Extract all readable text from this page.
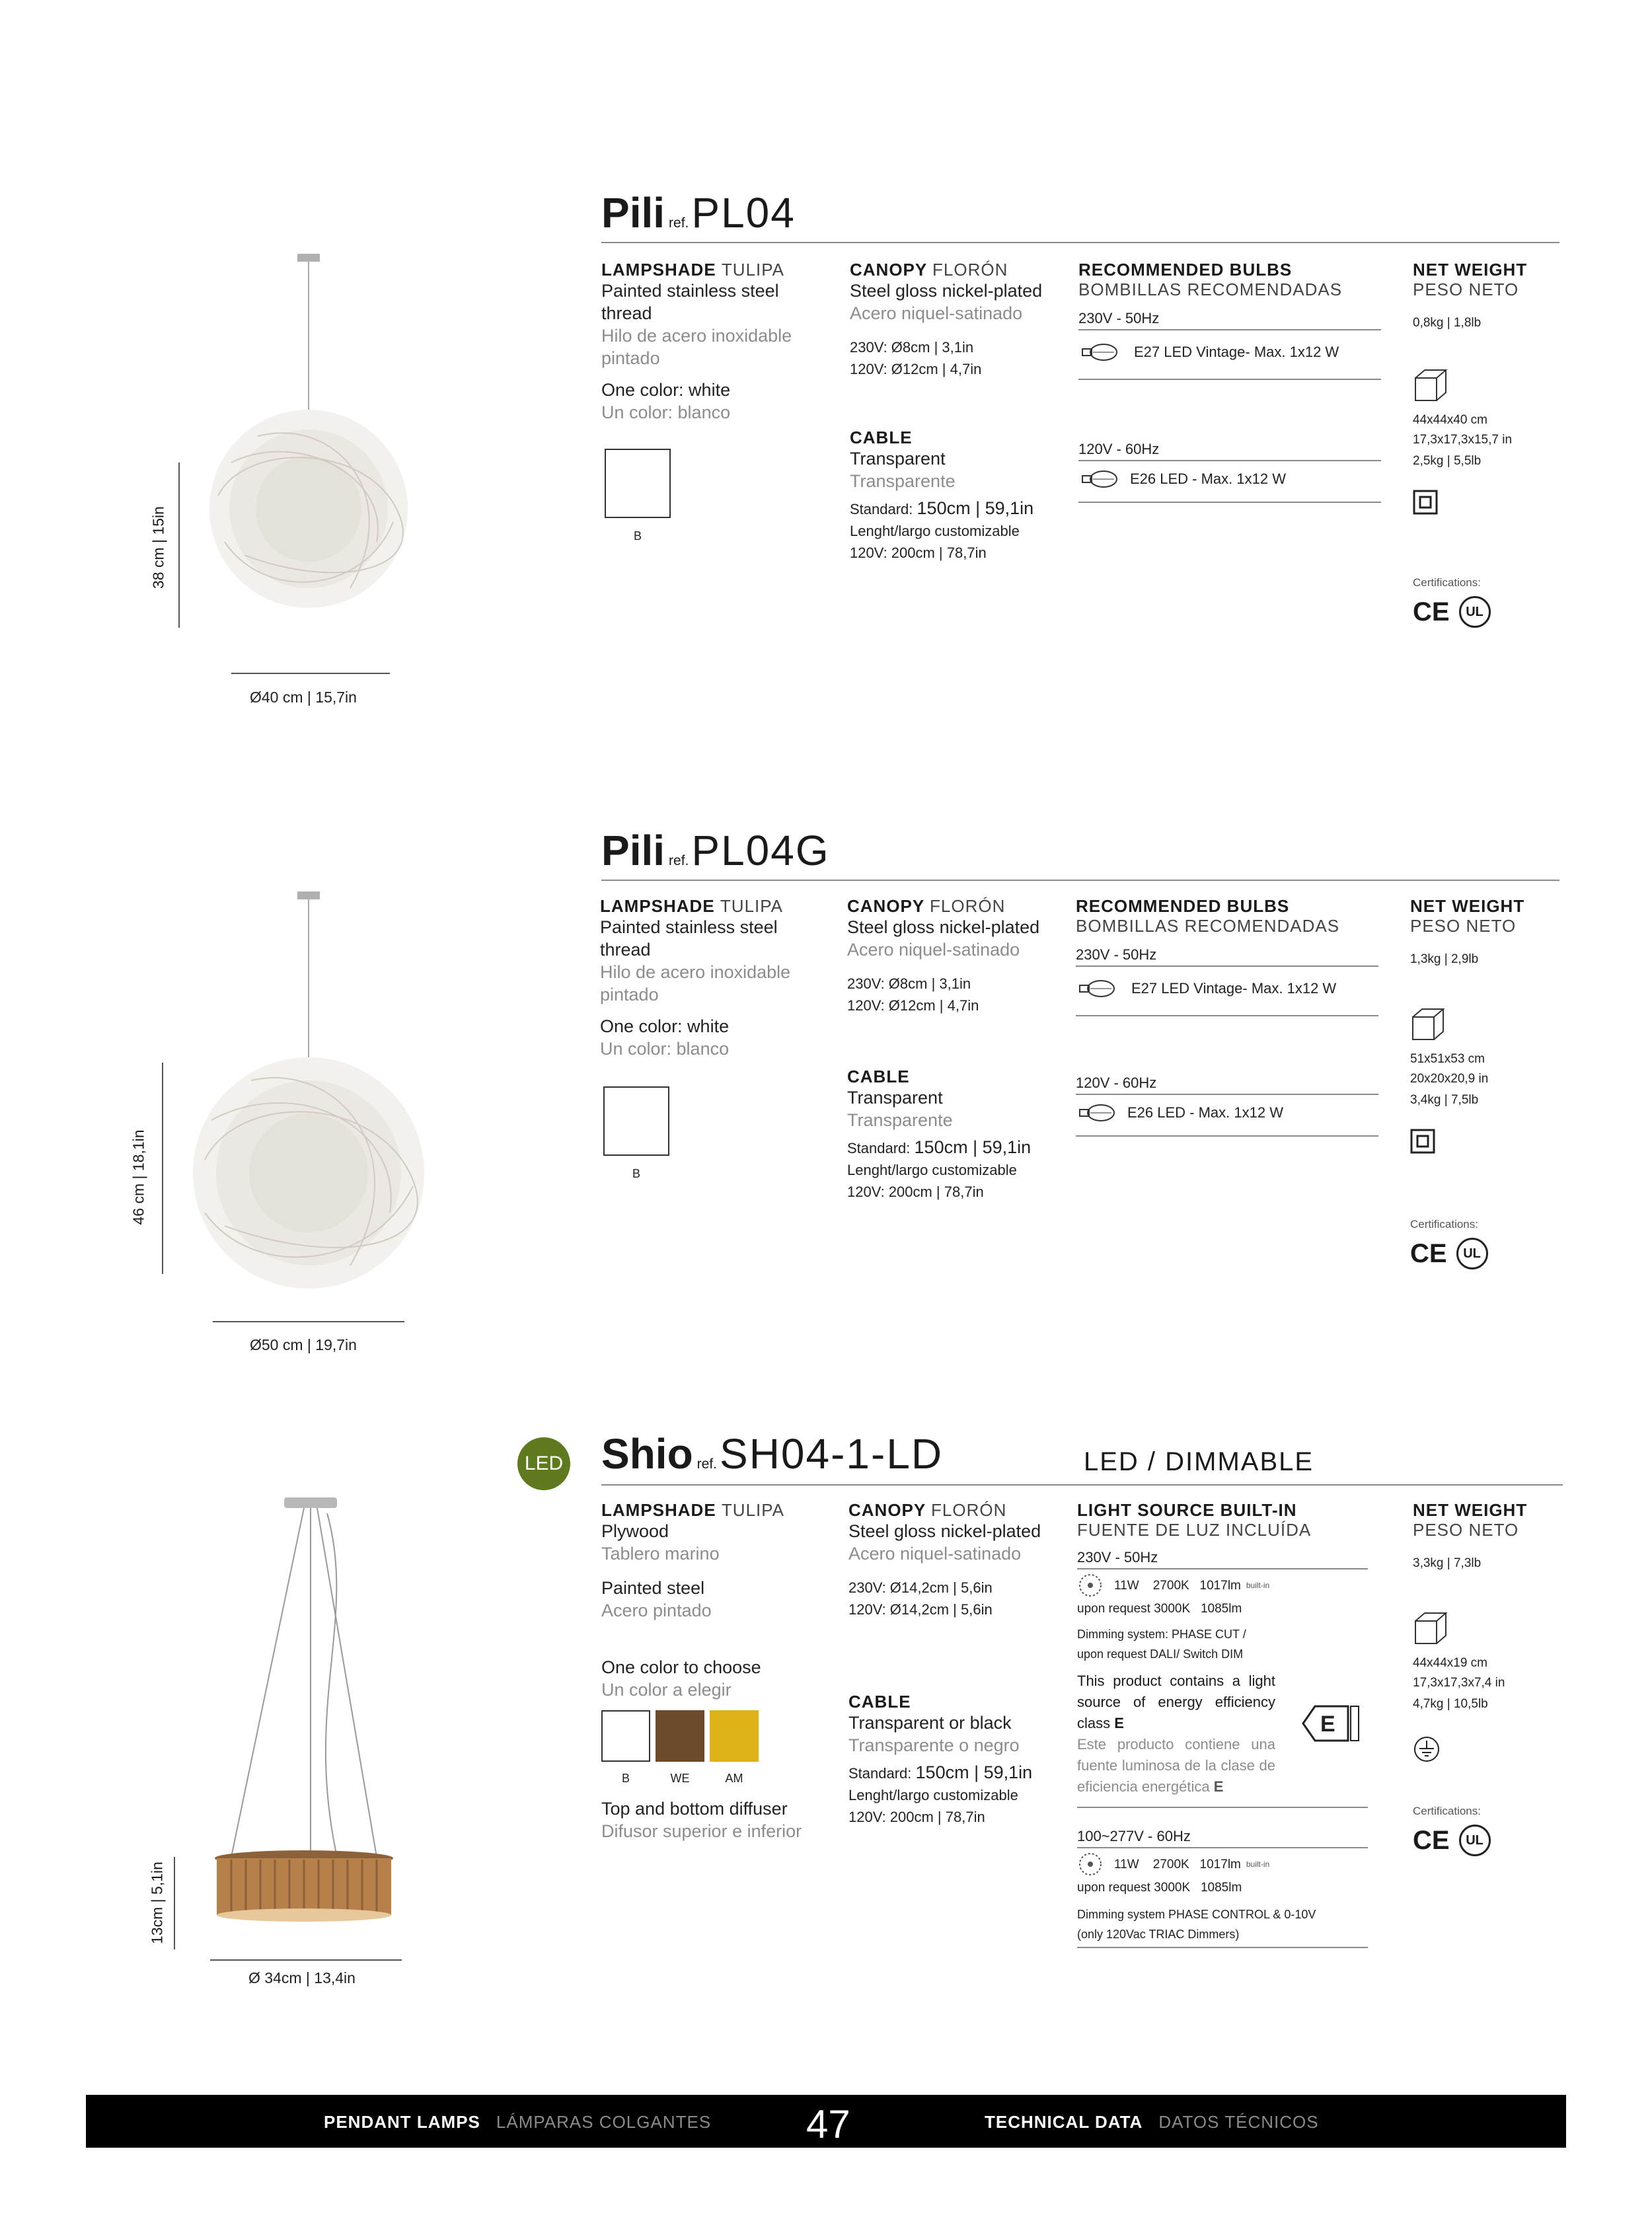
38 cm | 15in
Ø40 cm | 15,7in
Pili ref.PL04
LAMPSHADE TULIPA
Painted stainless steel thread
Hilo de acero inoxidable pintado
One color: white
Un color: blanco
B
CANOPY FLORÓN
Steel gloss nickel-plated
Acero niquel-satinado
230V: Ø8cm | 3,1in
120V: Ø12cm | 4,7in
CABLE
Transparent
Transparente
Standard: 150cm | 59,1in
Lenght/largo customizable
120V: 200cm | 78,7in
RECOMMENDED BULBS
BOMBILLAS RECOMENDADAS
230V - 50Hz
E27 LED Vintage- Max. 1x12 W
120V - 60Hz
E26 LED - Max. 1x12 W
NET WEIGHT
PESO NETO
0,8kg | 1,8lb
44x44x40 cm
17,3x17,3x15,7 in
2,5kg | 5,5lb
Certifications:
CE	UL
46 cm | 18,1in
Ø50 cm | 19,7in
Pili ref.PL04G
LAMPSHADE TULIPA
Painted stainless steel thread
Hilo de acero inoxidable pintado
One color: white
Un color: blanco
B
CANOPY FLORÓN
Steel gloss nickel-plated
Acero niquel-satinado
230V: Ø8cm | 3,1in
120V: Ø12cm | 4,7in
CABLE
Transparent
Transparente
Standard: 150cm | 59,1in
Lenght/largo customizable
120V: 200cm | 78,7in
RECOMMENDED BULBS
BOMBILLAS RECOMENDADAS
230V - 50Hz
E27 LED Vintage- Max. 1x12 W
120V - 60Hz
E26 LED - Max. 1x12 W
NET WEIGHT
PESO NETO
1,3kg | 2,9lb
51x51x53 cm
20x20x20,9 in
3,4kg | 7,5lb
Certifications:
CE	UL
13cm | 5,1in
Ø 34cm | 13,4in
LED Shio ref.SH04-1-LD	LED / DIMMABLE
LAMPSHADE TULIPA
Plywood
Tablero marino
Painted steel
Acero pintado
One color to choose
Un color a elegir
B	WE	AM
Top and bottom diffuser
Difusor superior e inferior
CANOPY FLORÓN
Steel gloss nickel-plated
Acero niquel-satinado
230V: Ø14,2cm | 5,6in
120V: Ø14,2cm | 5,6in
CABLE
Transparent or black
Transparente o negro
Standard: 150cm | 59,1in
Lenght/largo customizable
120V: 200cm | 78,7in
LIGHT SOURCE BUILT-IN
FUENTE DE LUZ INCLUÍDA
230V - 50Hz
11W    2700K   1017lm built-in
upon request 3000K   1085lm
Dimming system: PHASE CUT /
upon request DALI/ Switch DIM
This product contains a light source of energy efficiency class E
Este producto contiene una fuente luminosa de la clase de eficiencia energética E
E
100~277V - 60Hz
11W    2700K   1017lm built-in
upon request 3000K   1085lm
Dimming system PHASE CONTROL & 0-10V
(only 120Vac TRIAC Dimmers)
NET WEIGHT
PESO NETO
3,3kg | 7,3lb
44x44x19 cm
17,3x17,3x7,4 in
4,7kg | 10,5lb
Certifications:
CE	UL
PENDANT LAMPS LÁMPARAS COLGANTES 47	TECHNICAL DATA DATOS TÉCNICOS
